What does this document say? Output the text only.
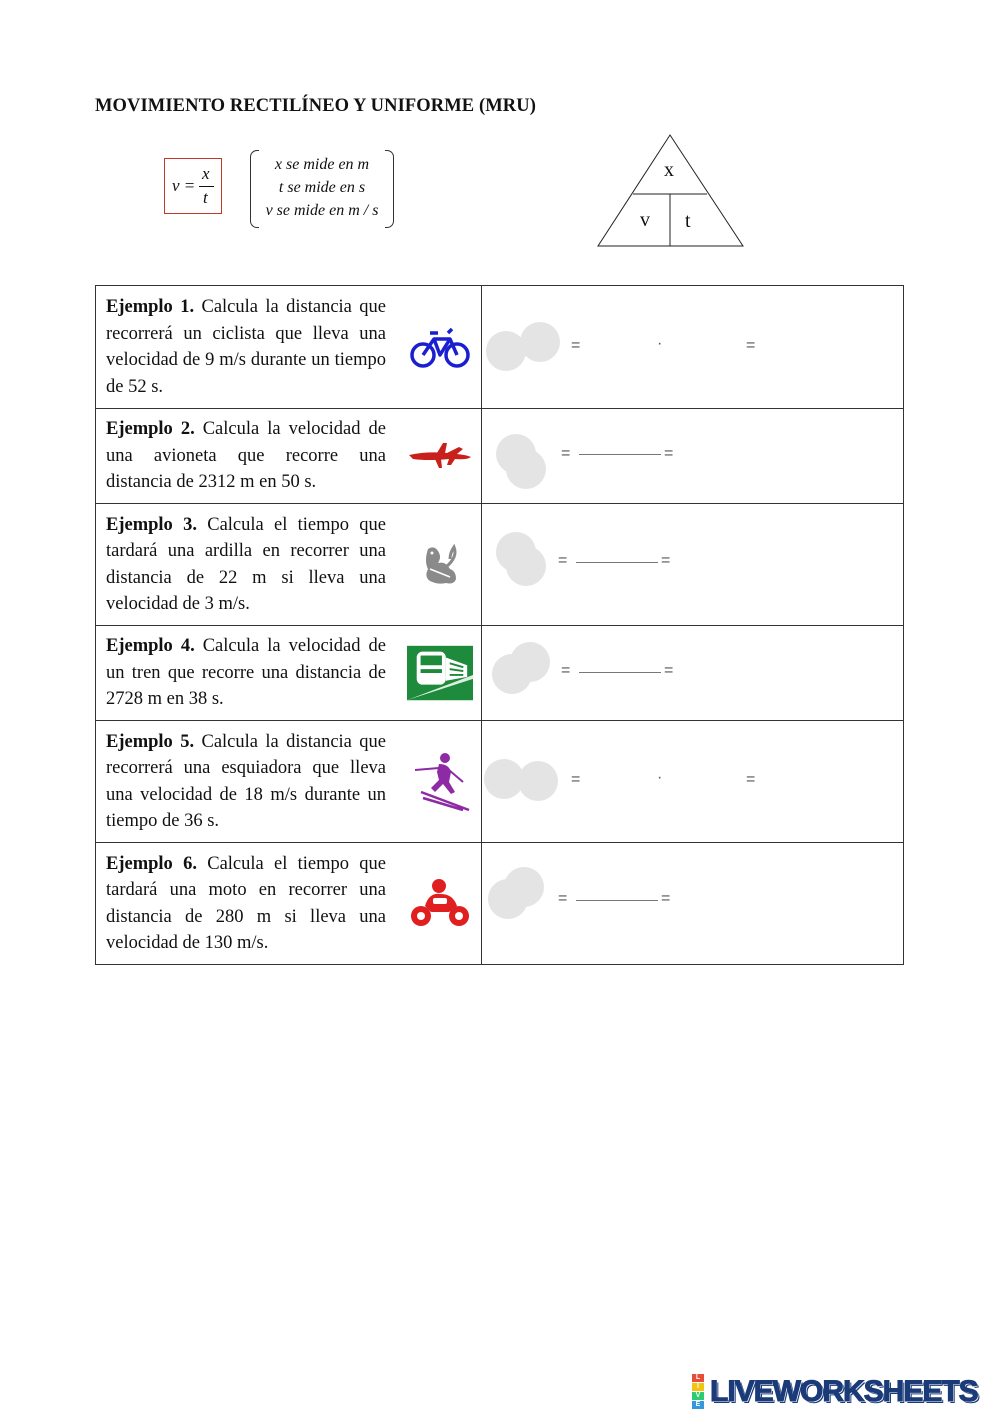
MOVIMIENTO RECTILÍNEO Y UNIFORME (MRU)
v =
x
t
x se mide en m
t se mide en s
v se mide en m / s
x
v t
Ejemplo 1. Calcula la distancia que recorrerá un ciclista que lleva una velocidad de 9 m/s durante un tiempo de 52 s.	= · =

Ejemplo 2. Calcula la velocidad de una avioneta que recorre una distancia de 2312 m en 50 s.	= =

Ejemplo 3. Calcula el tiempo que tardará una ardilla en recorrer una distancia de 22 m si lleva una velocidad de 3 m/s.	= =

Ejemplo 4. Calcula la velocidad de un tren que recorre una distancia de 2728 m en 38 s.	= =

Ejemplo 5. Calcula la distancia que recorrerá una esquiadora que lleva una velocidad de 18 m/s durante un tiempo de 36 s.	= · =

Ejemplo 6. Calcula el tiempo que tardará una moto en recorrer una distancia de 280 m si lleva una velocidad de 130 m/s.	= =
L
I
V
E LIVEWORKSHEETS
